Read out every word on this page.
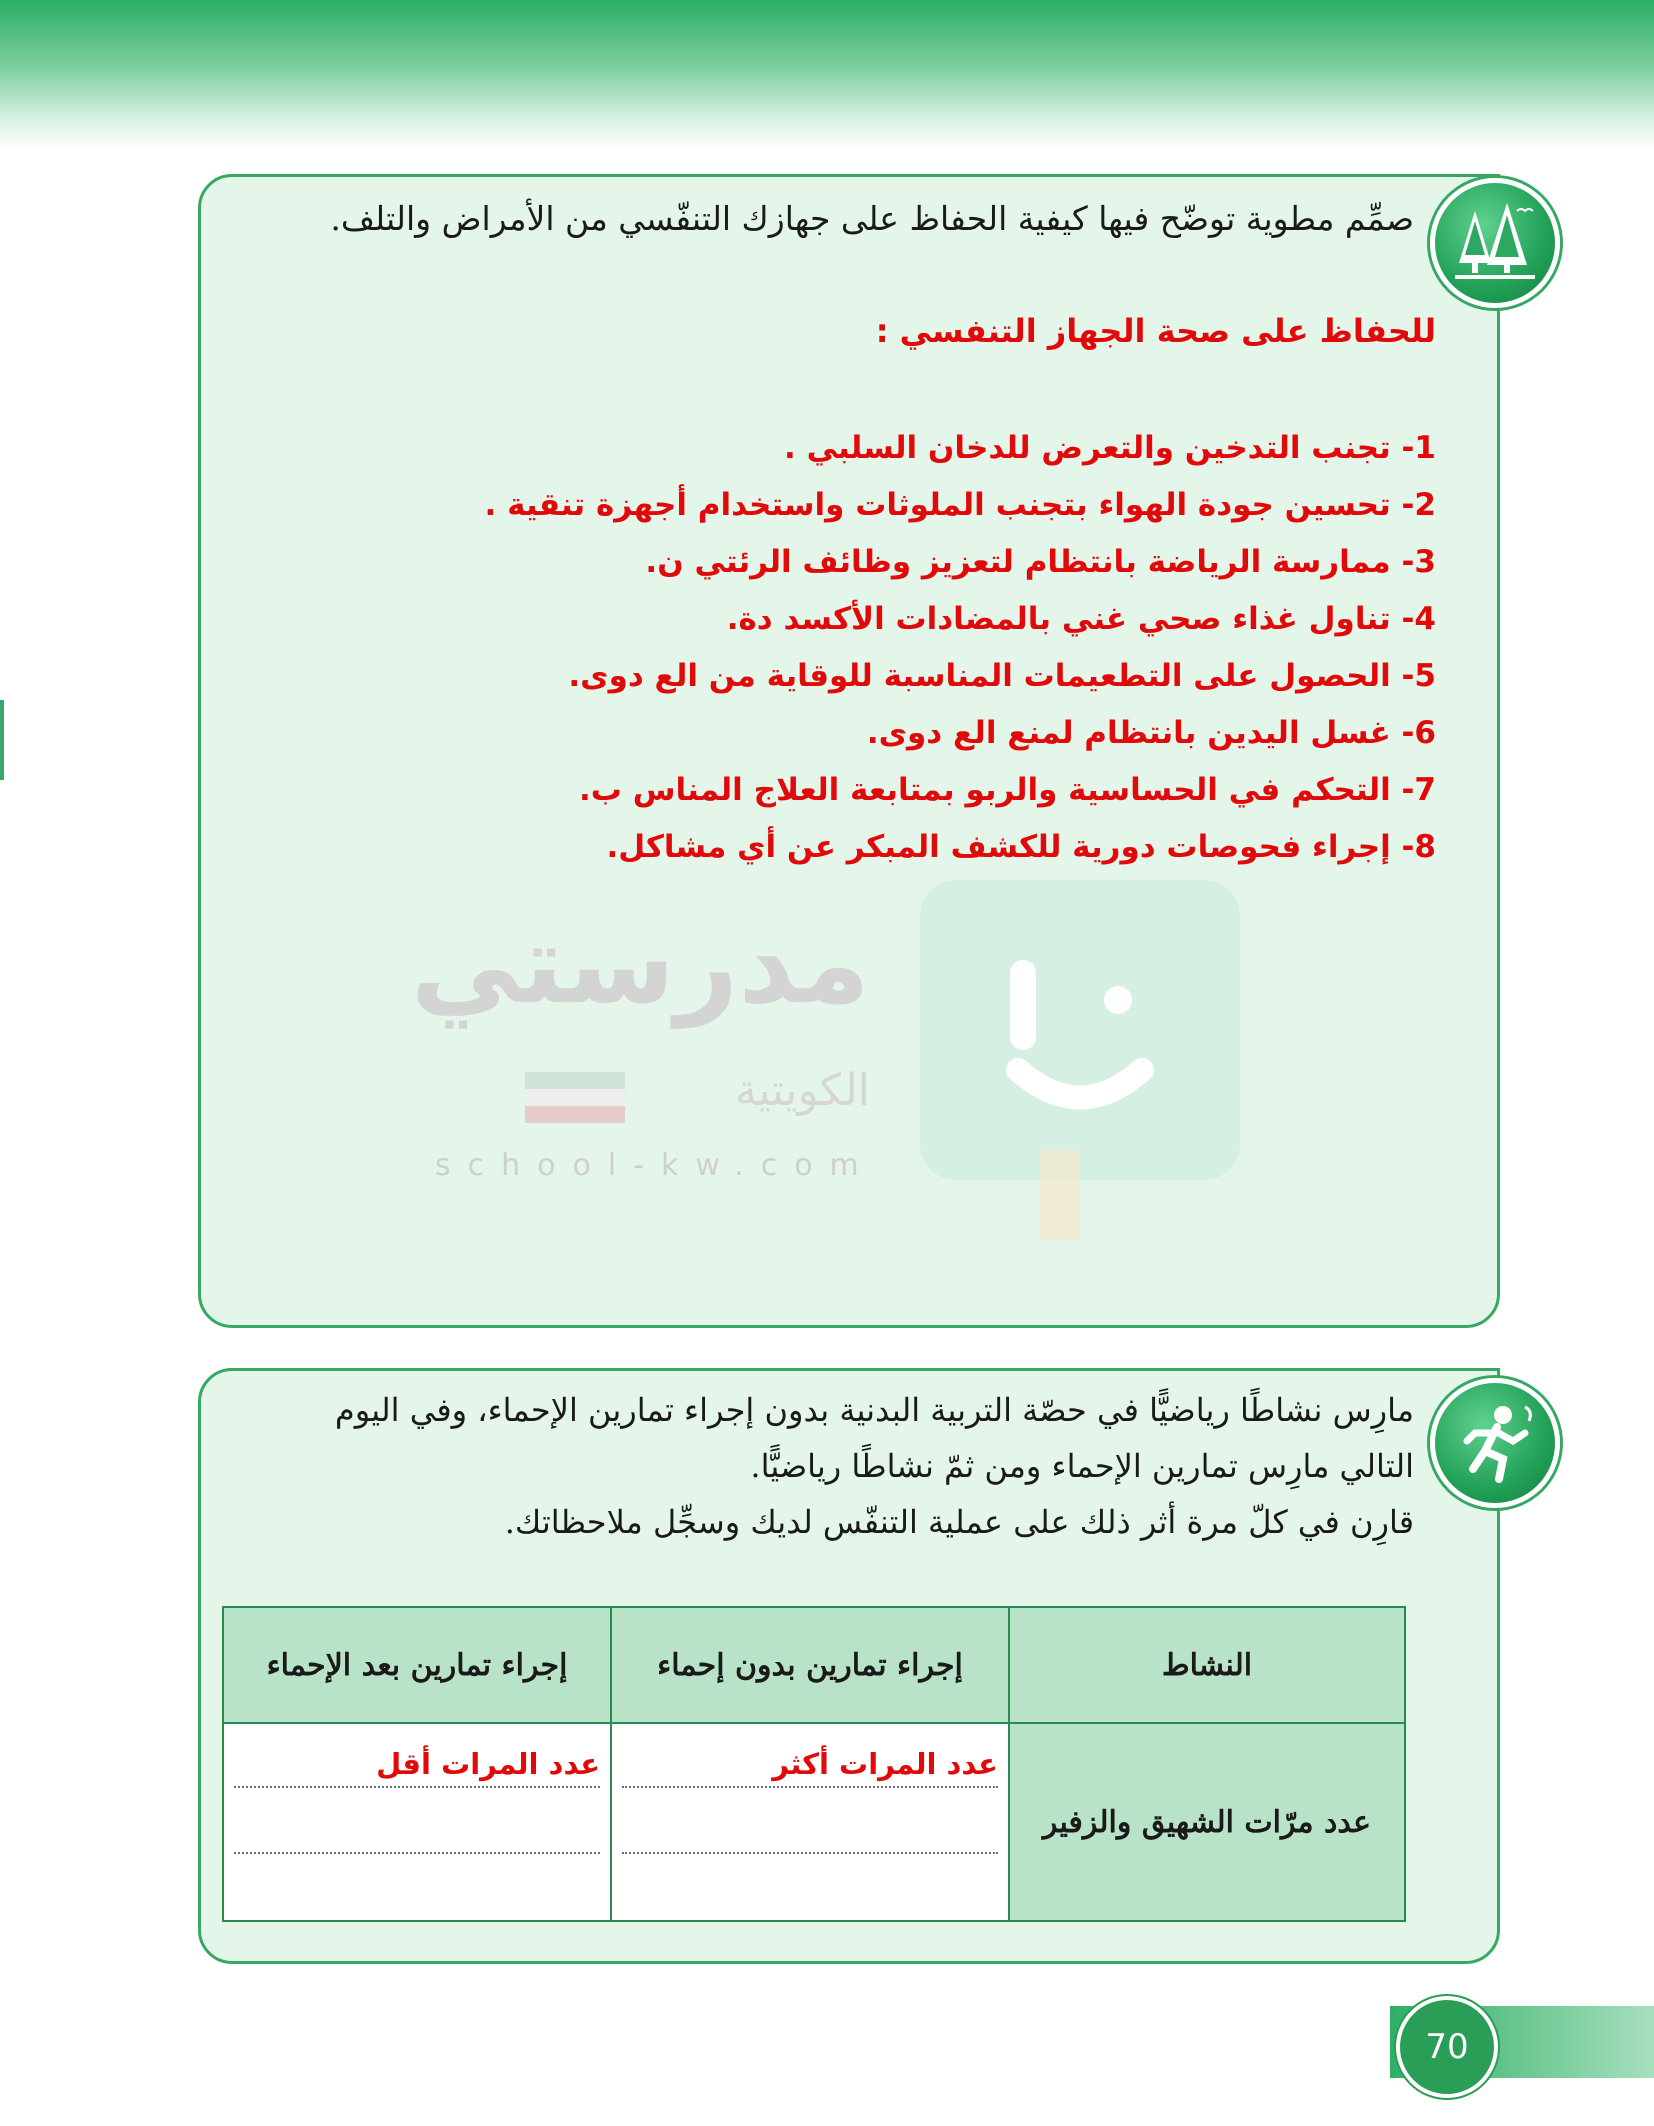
صمِّم مطوية توضّح فيها كيفية الحفاظ على جهازك التنفّسي من الأمراض والتلف.
للحفاظ على صحة الجهاز التنفسي :
1- تجنب التدخين والتعرض للدخان السلبي .
2- تحسين جودة الهواء بتجنب الملوثات واستخدام أجهزة تنقية .
3- ممارسة الرياضة بانتظام لتعزيز وظائف الرئتي ن.
4- تناول غذاء صحي غني بالمضادات الأكسد دة.
5- الحصول على التطعيمات المناسبة للوقاية من الع دوى.
6- غسل اليدين بانتظام لمنع الع دوى.
7- التحكم في الحساسية والربو بمتابعة العلاج المناس ب.
8- إجراء فحوصات دورية للكشف المبكر عن أي مشاكل.
مدرستي
الكويتية
school-kw.com

مارِس نشاطًا رياضيًّا في حصّة التربية البدنية بدون إجراء تمارين الإحماء، وفي اليوم

التالي مارِس تمارين الإحماء ومن ثمّ نشاطًا رياضيًّا.

قارِن في كلّ مرة أثر ذلك على عملية التنفّس لديك وسجِّل ملاحظاتك.

النشاط	إجراء تمارين بدون إحماء	إجراء تمارين بعد الإحماء
عدد مرّات الشهيق والزفير	عدد المرات أكثر	عدد المرات أقل
70
